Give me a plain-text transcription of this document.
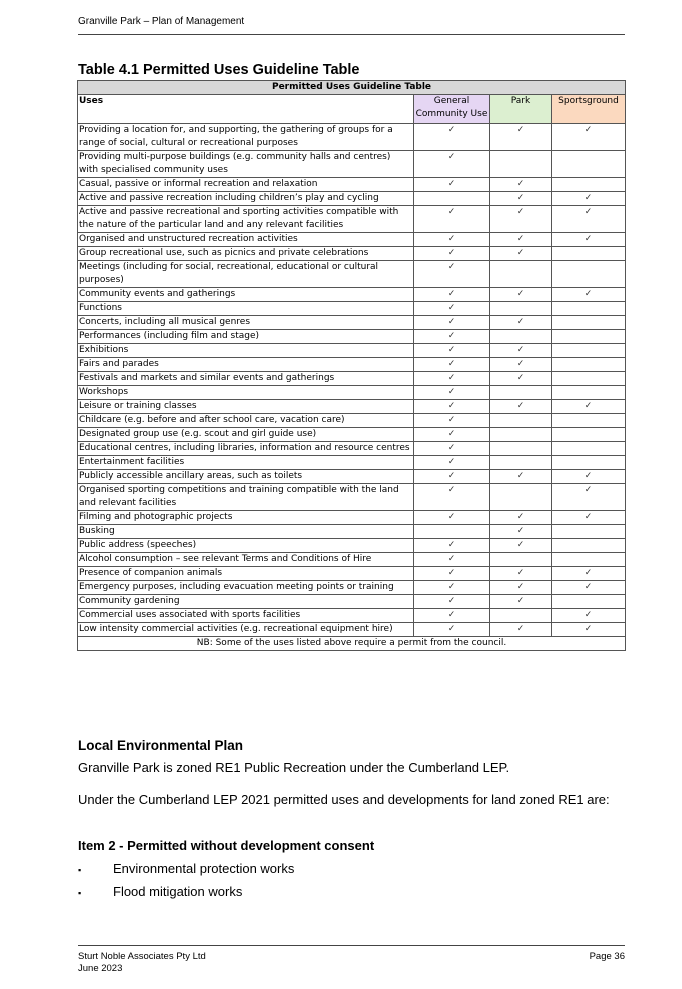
Granville Park – Plan of Management
Table 4.1 Permitted Uses Guideline Table
Permitted Uses Guideline Table			
Uses	General Community Use	Park	Sportsground
Providing a location for, and supporting, the gathering of groups for a range of social, cultural or recreational purposes	✓	✓	✓
Providing multi-purpose buildings (e.g. community halls and centres) with specialised community uses	✓		
Casual, passive or informal recreation and relaxation	✓	✓	
Active and passive recreation including children’s play and cycling		✓	✓
Active and passive recreational and sporting activities compatible with the nature of the particular land and any relevant facilities	✓	✓	✓
Organised and unstructured recreation activities	✓	✓	✓
Group recreational use, such as picnics and private celebrations	✓	✓	
Meetings (including for social, recreational, educational or cultural purposes)	✓		
Community events and gatherings	✓	✓	✓
Functions	✓		
Concerts, including all musical genres	✓	✓	
Performances (including film and stage)	✓		
Exhibitions	✓	✓	
Fairs and parades	✓	✓	
Festivals and markets and similar events and gatherings	✓	✓	
Workshops	✓		
Leisure or training classes	✓	✓	✓
Childcare (e.g. before and after school care, vacation care)	✓		
Designated group use (e.g. scout and girl guide use)	✓		
Educational centres, including libraries, information and resource centres	✓		
Entertainment facilities	✓		
Publicly accessible ancillary areas, such as toilets	✓	✓	✓
Organised sporting competitions and training compatible with the land and relevant facilities	✓		✓
Filming and photographic projects	✓	✓	✓
Busking		✓	
Public address (speeches)	✓	✓	
Alcohol consumption – see relevant Terms and Conditions of Hire	✓		
Presence of companion animals	✓	✓	✓
Emergency purposes, including evacuation meeting points or training	✓	✓	✓
Community gardening	✓	✓	
Commercial uses associated with sports facilities	✓		✓
Low intensity commercial activities (e.g. recreational equipment hire)	✓	✓	✓
NB: Some of the uses listed above require a permit from the council.			
Local Environmental Plan
Granville Park is zoned RE1 Public Recreation under the Cumberland LEP.
Under the Cumberland LEP 2021 permitted uses and developments for land zoned RE1 are:
Item 2 - Permitted without development consent
▪ Environmental protection works
▪ Flood mitigation works
Sturt Noble Associates Pty Ltd
June 2023
Page 36
